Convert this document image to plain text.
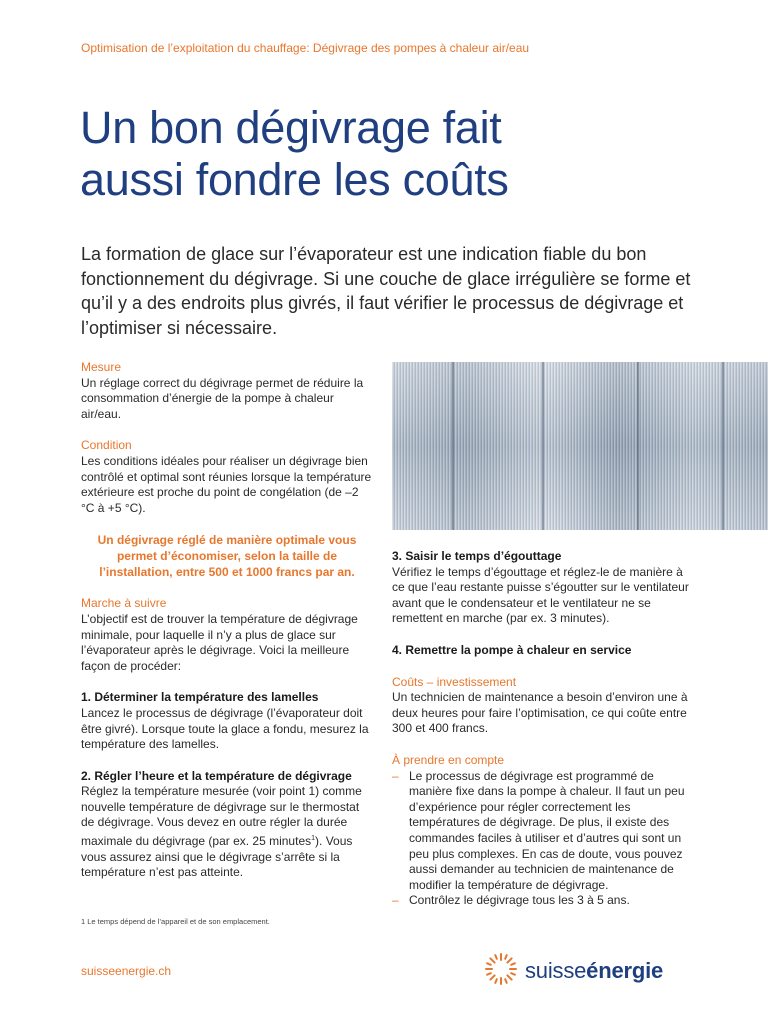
Optimisation de l’exploitation du chauffage: Dégivrage des pompes à chaleur air/eau
Un bon dégivrage fait
aussi fondre les coûts

La formation de glace sur l’évaporateur est une indication fiable du bon fonctionnement du dégivrage. Si une couche de glace irrégulière se forme et qu’il y a des endroits plus givrés, il faut vérifier le processus de dégivrage et l’optimiser si nécessaire.

Mesure

Un réglage correct du dégivrage permet de réduire la consommation d’énergie de la pompe à chaleur air/eau.

Condition

Les conditions idéales pour réaliser un dégivrage bien contrôlé et optimal sont réunies lorsque la température extérieure est proche du point de congélation (de –2 °C à +5 °C).

Un dégivrage réglé de manière optimale vous permet d’économiser, selon la taille de l’installation, entre 500 et 1000 francs par an.

Marche à suivre

L’objectif est de trouver la température de dégivrage minimale, pour laquelle il n’y a plus de glace sur l’évaporateur après le dégivrage. Voici la meilleure façon de procéder:

1. Déterminer la température des lamelles

Lancez le processus de dégivrage (l’évaporateur doit être givré). Lorsque toute la glace a fondu, mesurez la température des lamelles.

2. Régler l’heure et la température de dégivrage

Réglez la température mesurée (voir point 1) comme nouvelle température de dégivrage sur le thermostat de dégivrage. Vous devez en outre régler la durée maximale du dégivrage (par ex. 25 minutes$^1$). Vous vous assurez ainsi que le dégivrage s’arrête si la température n’est pas atteinte.

3. Saisir le temps d’égouttage

Vérifiez le temps d’égouttage et réglez-le de manière à ce que l’eau restante puisse s’égoutter sur le ventilateur avant que le condensateur et le ventilateur ne se remettent en marche (par ex. 3 minutes).

4. Remettre la pompe à chaleur en service

Coûts – investissement

Un technicien de maintenance a besoin d’environ une à deux heures pour faire l’optimisation, ce qui coûte entre 300 et 400 francs.

À prendre en compte

– Le processus de dégivrage est programmé de manière fixe dans la pompe à chaleur. Il faut un peu d’expérience pour régler correctement les températures de dégivrage. De plus, il existe des commandes faciles à utiliser et d’autres qui sont un peu plus complexes. En cas de doute, vous pouvez aussi demander au technicien de maintenance de modifier la température de dégivrage.
– Contrôlez le dégivrage tous les 3 à 5 ans.
1 Le temps dépend de l’appareil et de son emplacement.
suisseenergie.ch	suisseénergie
